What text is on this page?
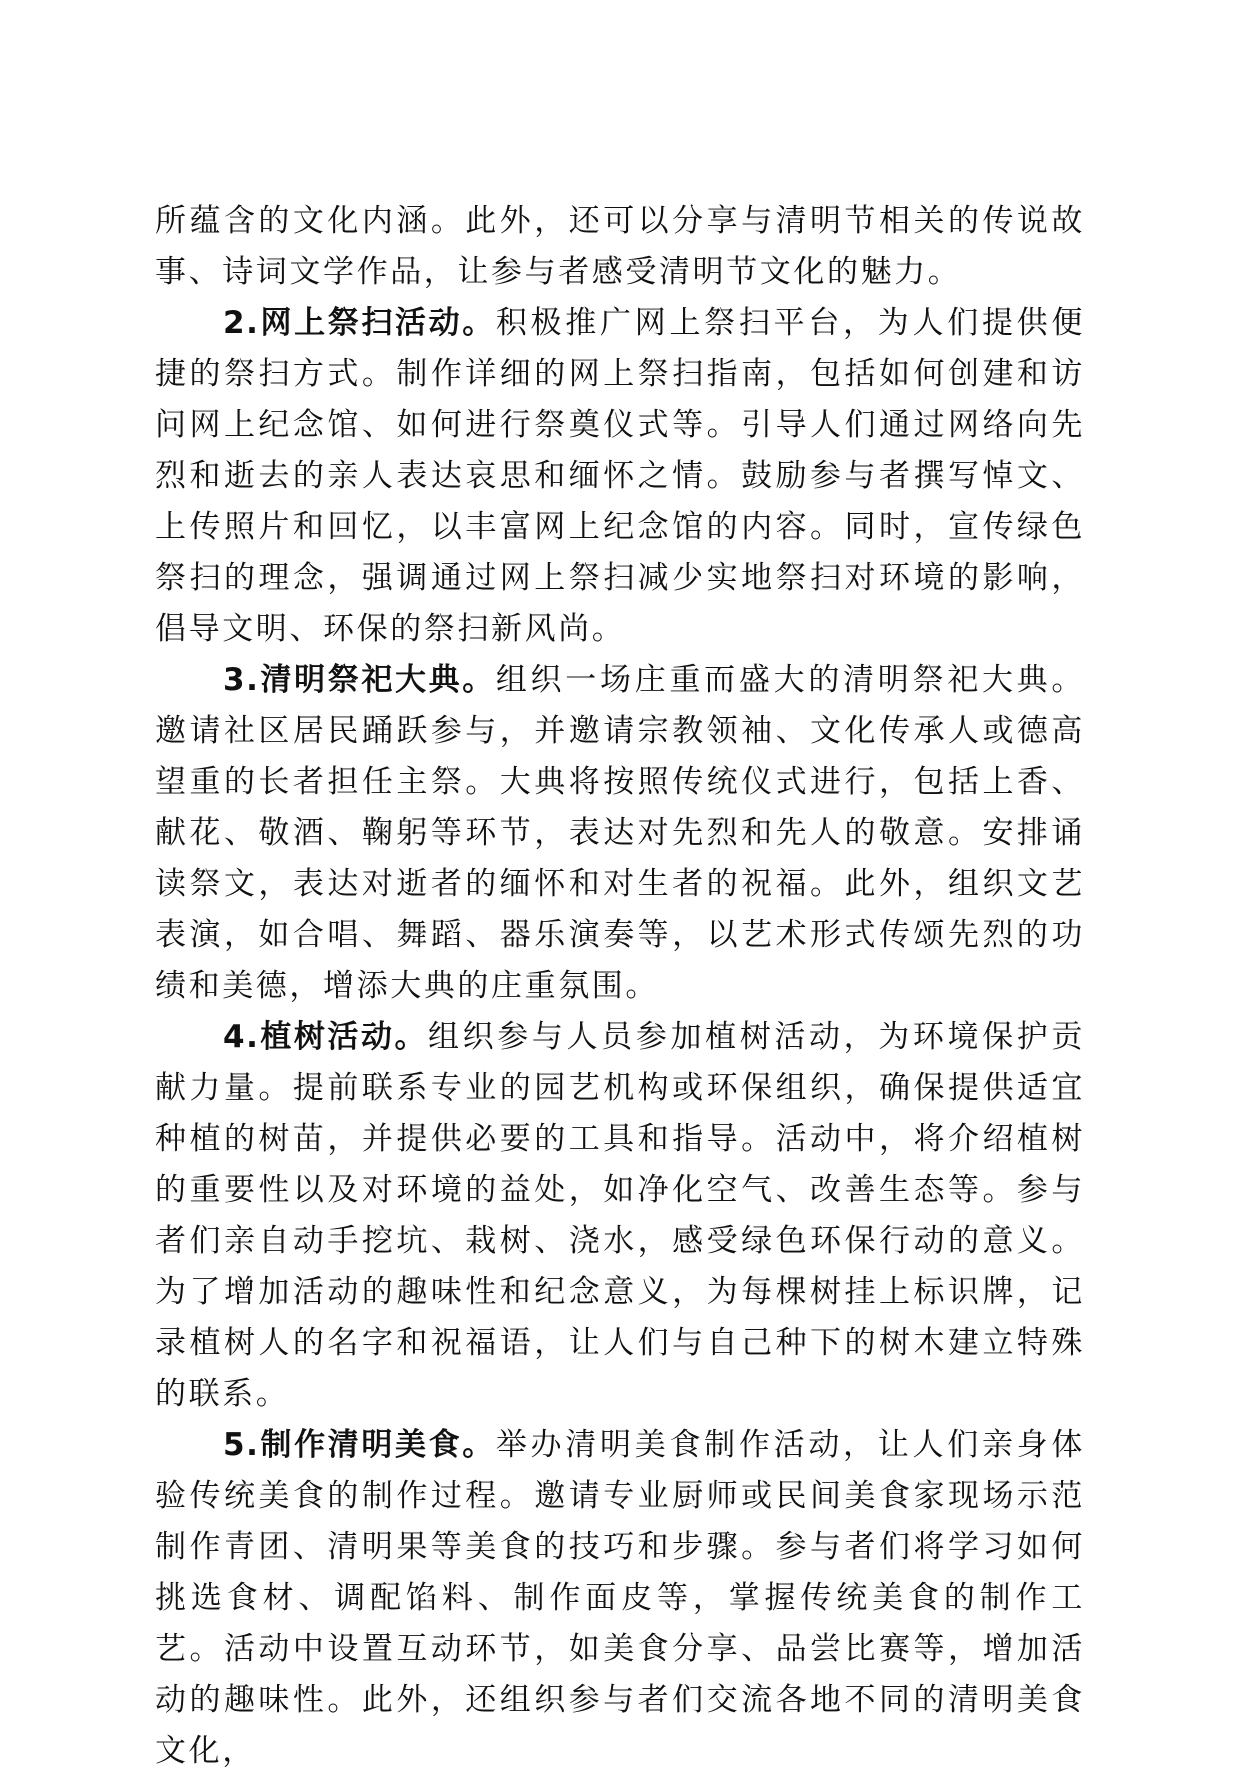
所蕴含的文化内涵。此外，还可以分享与清明节相关的传说故事、诗词文学作品，让参与者感受清明节文化的魅力。

2.网上祭扫活动。积极推广网上祭扫平台，为人们提供便捷的祭扫方式。制作详细的网上祭扫指南，包括如何创建和访问网上纪念馆、如何进行祭奠仪式等。引导人们通过网络向先烈和逝去的亲人表达哀思和缅怀之情。鼓励参与者撰写悼文、上传照片和回忆，以丰富网上纪念馆的内容。同时，宣传绿色祭扫的理念，强调通过网上祭扫减少实地祭扫对环境的影响，倡导文明、环保的祭扫新风尚。

3.清明祭祀大典。组织一场庄重而盛大的清明祭祀大典。邀请社区居民踊跃参与，并邀请宗教领袖、文化传承人或德高望重的长者担任主祭。大典将按照传统仪式进行，包括上香、献花、敬酒、鞠躬等环节，表达对先烈和先人的敬意。安排诵读祭文，表达对逝者的缅怀和对生者的祝福。此外，组织文艺表演，如合唱、舞蹈、器乐演奏等，以艺术形式传颂先烈的功绩和美德，增添大典的庄重氛围。

4.植树活动。组织参与人员参加植树活动，为环境保护贡献力量。提前联系专业的园艺机构或环保组织，确保提供适宜种植的树苗，并提供必要的工具和指导。活动中，将介绍植树的重要性以及对环境的益处，如净化空气、改善生态等。参与者们亲自动手挖坑、栽树、浇水，感受绿色环保行动的意义。为了增加活动的趣味性和纪念意义，为每棵树挂上标识牌，记录植树人的名字和祝福语，让人们与自己种下的树木建立特殊的联系。

5.制作清明美食。举办清明美食制作活动，让人们亲身体验传统美食的制作过程。邀请专业厨师或民间美食家现场示范制作青团、清明果等美食的技巧和步骤。参与者们将学习如何挑选食材、调配馅料、制作面皮等，掌握传统美食的制作工艺。活动中设置互动环节，如美食分享、品尝比赛等，增加活动的趣味性。此外，还组织参与者们交流各地不同的清明美食文化，
